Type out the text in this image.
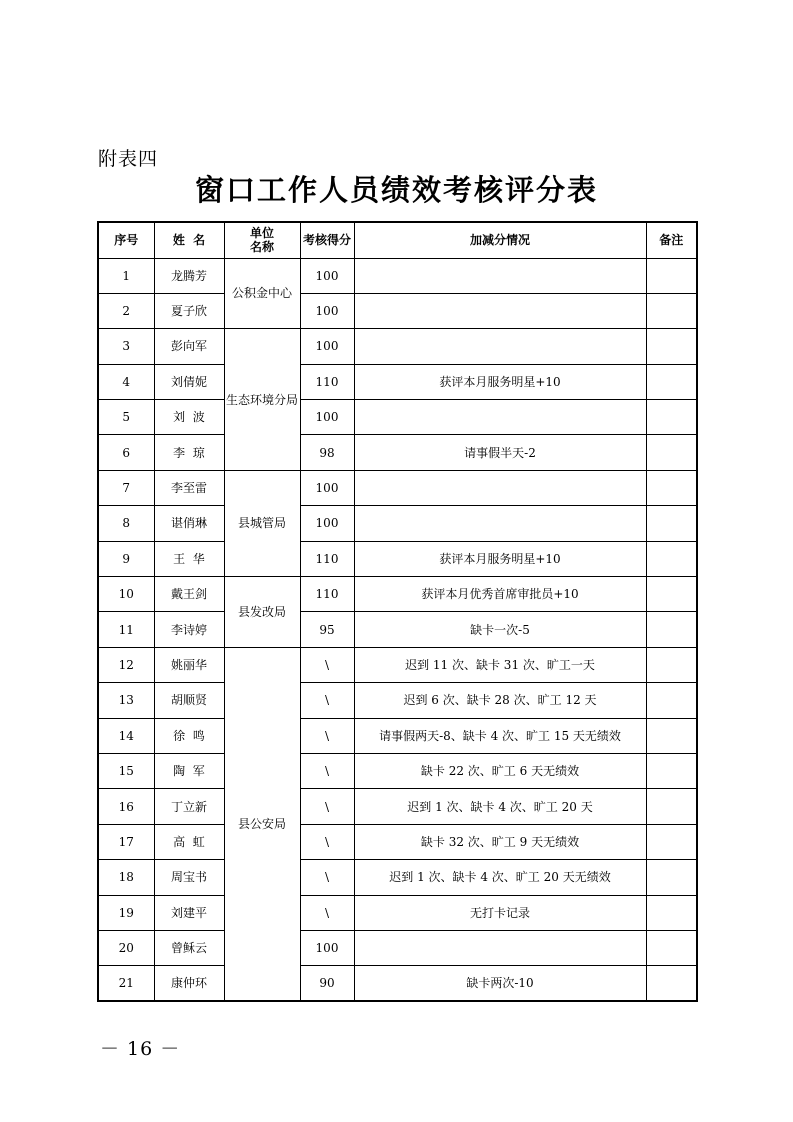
附表四
窗口工作人员绩效考核评分表
序号	姓  名	单位
名称	考核得分	加减分情况	备注
1	龙腾芳	公积金中心	100		
2	夏子欣		100		
3	彭向军	生态环境分局	100		
4	刘倩妮		110	获评本月服务明星+10	
5	刘  波		100		
6	李  琼		98	请事假半天-2	
7	李至雷	县城管局	100		
8	谌俏琳		100		
9	王  华		110	获评本月服务明星+10	
10	戴王剑	县发改局	110	获评本月优秀首席审批员+10	
11	李诗婷		95	缺卡一次-5	
12	姚丽华	县公安局	\	迟到 11 次、缺卡 31 次、旷工一天	
13	胡顺贤		\	迟到 6 次、缺卡 28 次、旷工 12 天	
14	徐  鸣		\	请事假两天-8、缺卡 4 次、旷工 15 天无绩效	
15	陶  军		\	缺卡 22 次、旷工 6 天无绩效	
16	丁立新		\	迟到 1 次、缺卡 4 次、旷工 20 天	
17	高  虹		\	缺卡 32 次、旷工 9 天无绩效	
18	周宝书		\	迟到 1 次、缺卡 4 次、旷工 20 天无绩效	
19	刘建平		\	无打卡记录	
20	曾稣云		100		
21	康仲环		90	缺卡两次-10	
－ 16 －
